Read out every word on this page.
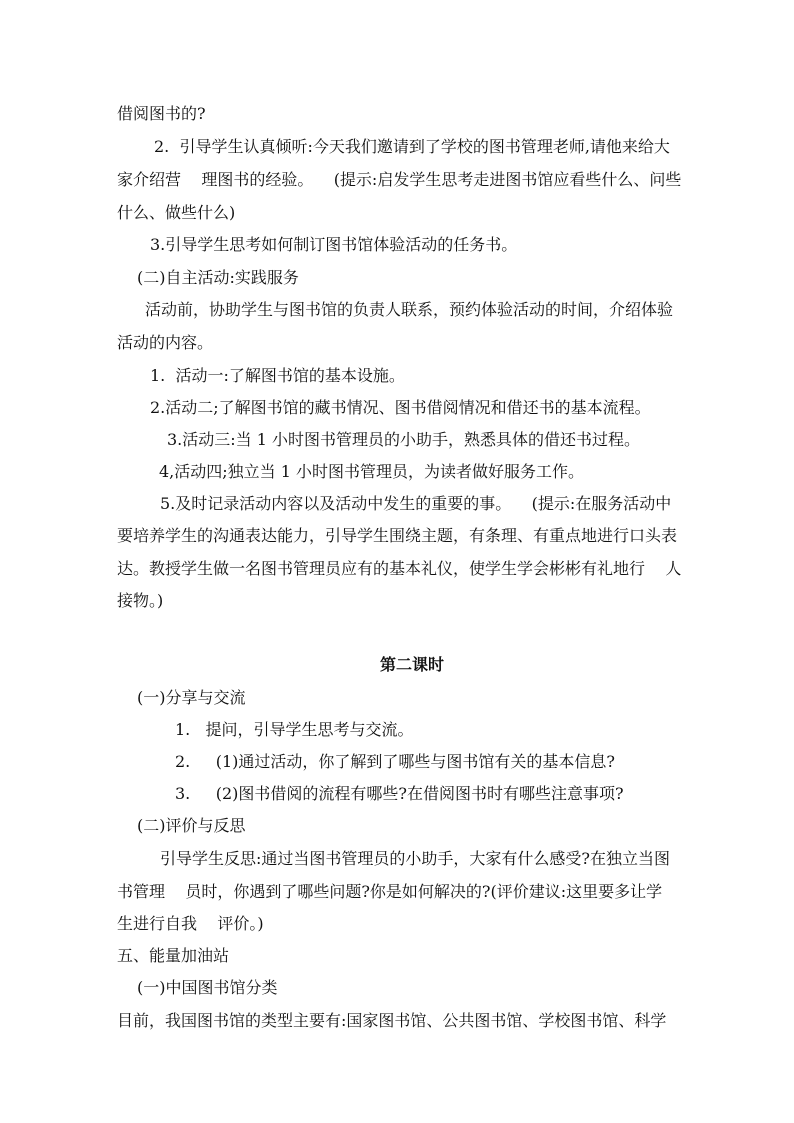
借阅图书的?
2.  引导学生认真倾听:今天我们邀请到了学校的图书管理老师,请他来给大
家介绍营    理图书的经验。    (提示:启发学生思考走进图书馆应看些什么、问些
什么、做些什么)
3.引导学生思考如何制订图书馆体验活动的任务书。
(二)自主活动:实践服务
活动前，协助学生与图书馆的负责人联系，预约体验活动的时间，介绍体验
活动的内容。
1.  活动一:了解图书馆的基本设施。
2.活动二;了解图书馆的藏书情况、图书借阅情况和借还书的基本流程。
3.活动三:当 1 小时图书管理员的小助手，熟悉具体的借还书过程。
4,活动四;独立当 1 小时图书管理员，为读者做好服务工作。
5.及时记录活动内容以及活动中发生的重要的事。    (提示:在服务活动中
要培养学生的沟通表达能力，引导学生围绕主题，有条理、有重点地进行口头表
达。教授学生做一名图书管理员应有的基本礼仪，使学生学会彬彬有礼地行    人
接物。)
第二课时
(一)分享与交流
1.   提问，引导学生思考与交流。
2.     (1)通过活动，你了解到了哪些与图书馆有关的基本信息?
3.     (2)图书借阅的流程有哪些?在借阅图书时有哪些注意事项?
(二)评价与反思
引导学生反思:通过当图书管理员的小助手，大家有什么感受?在独立当图
书管理    员时，你遇到了哪些问题?你是如何解决的?(评价建议:这里要多让学
生进行自我    评价。)
五、能量加油站
(一)中国图书馆分类
目前，我国图书馆的类型主要有:国家图书馆、公共图书馆、学校图书馆、科学
